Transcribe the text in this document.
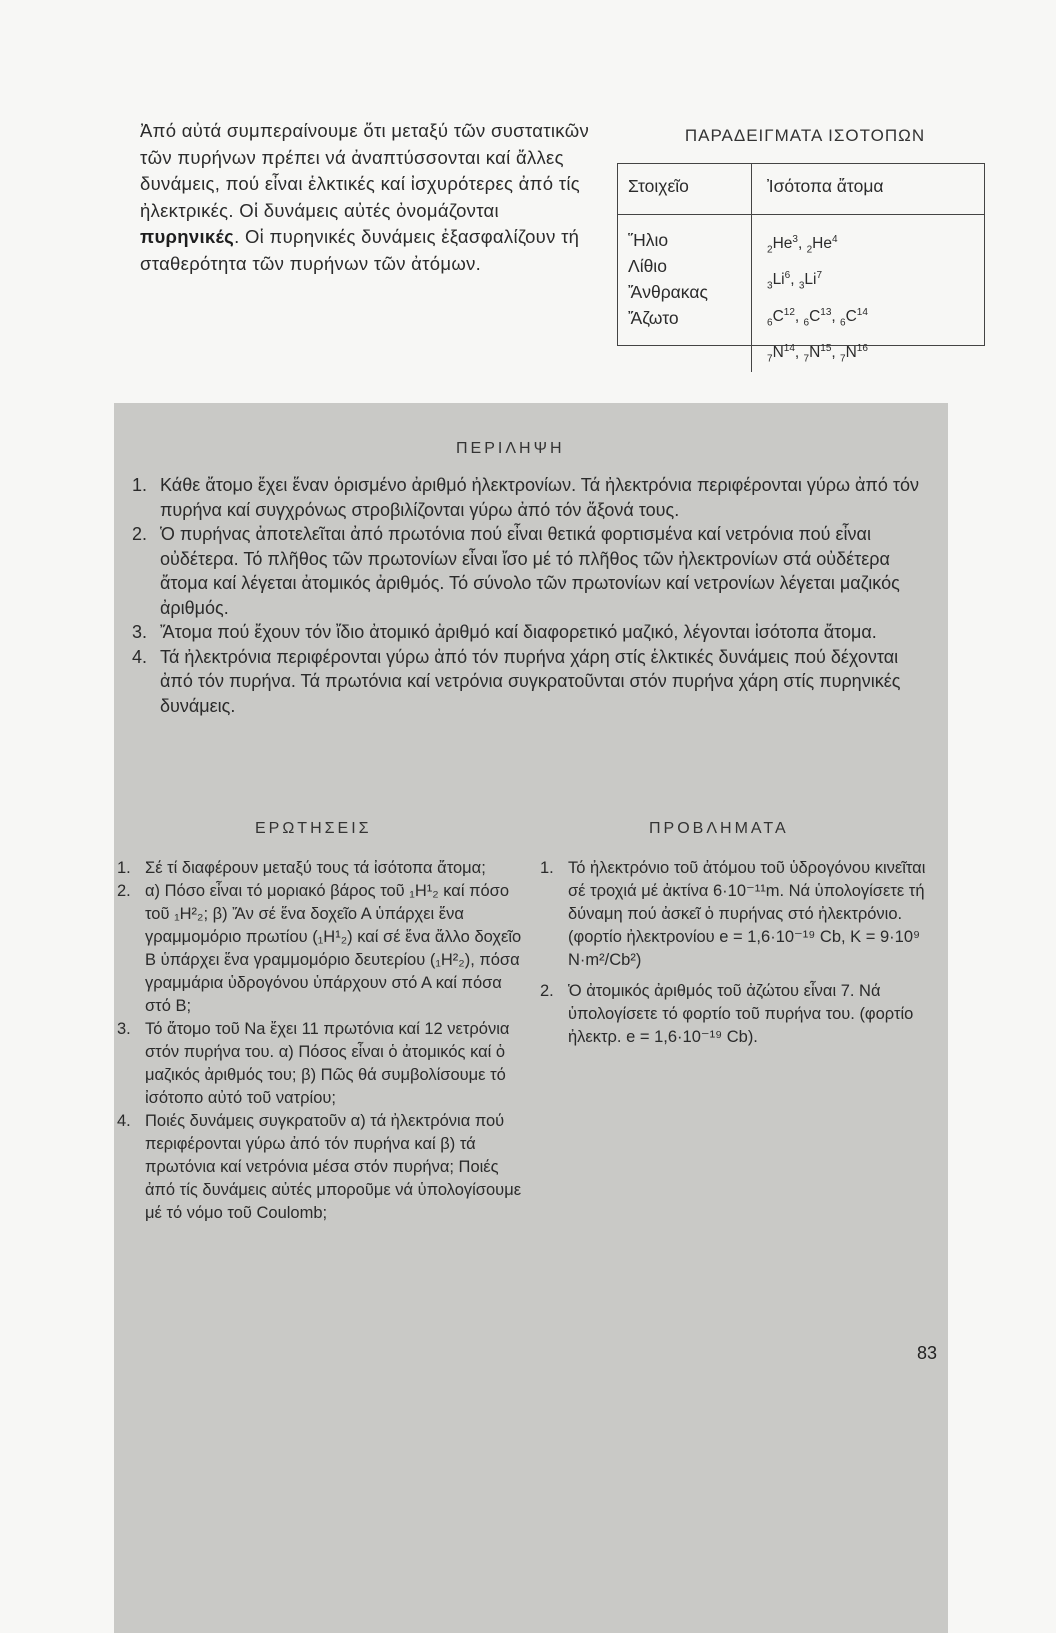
Ἀπό αὐτά συμπεραίνουμε ὅτι μεταξύ τῶν συστατικῶν τῶν πυρήνων πρέπει νά ἀναπτύσσονται καί ἄλλες δυνάμεις, πού εἶναι ἑλκτικές καί ἰσχυρότερες ἀπό τίς ἠλεκτρικές. Οἱ δυνάμεις αὐτές ὀνομάζονται πυρηνικές. Οἱ πυρηνικές δυνάμεις ἐξασφαλίζουν τή σταθερότητα τῶν πυρήνων τῶν ἀτόμων.
ΠΑΡΑΔΕΙΓΜΑΤΑ ΙΣΟΤΟΠΩΝ
Στοιχεῖο	Ἰσότοπα ἄτομα
Ἥλιο
Λίθιο
Ἄνθρακας
Ἄζωτο
$_2He^3$, $_2He^4$
$_3Li^6$, $_3Li^7$
$_6C^{12}$, $_6C^{13}$, $_6C^{14}$
$_7N^{14}$, $_7N^{15}$, $_7N^{16}$
ΠΕΡΙΛΗΨΗ
1. Κάθε ἄτομο ἔχει ἕναν ὁρισμένο ἀριθμό ἠλεκτρονίων. Τά ἠλεκτρόνια περιφέρονται γύρω ἀπό τόν πυρήνα καί συγχρόνως στροβιλίζονται γύρω ἀπό τόν ἄξονά τους.
2. Ὁ πυρήνας ἀποτελεῖται ἀπό πρωτόνια πού εἶναι θετικά φορτισμένα καί νετρόνια πού εἶναι οὐδέτερα. Τό πλῆθος τῶν πρωτονίων εἶναι ἴσο μέ τό πλῆθος τῶν ἠλεκτρονίων στά οὐδέτερα ἄτομα καί λέγεται ἀτομικός ἀριθμός. Τό σύνολο τῶν πρωτονίων καί νετρονίων λέγεται μαζικός ἀριθμός.
3. Ἄτομα πού ἔχουν τόν ἴδιο ἀτομικό ἀριθμό καί διαφορετικό μαζικό, λέγονται ἰσότοπα ἄτομα.
4. Τά ἠλεκτρόνια περιφέρονται γύρω ἀπό τόν πυρήνα χάρη στίς ἑλκτικές δυνάμεις πού δέχονται ἀπό τόν πυρήνα. Τά πρωτόνια καί νετρόνια συγκρατοῦνται στόν πυρήνα χάρη στίς πυρηνικές δυνάμεις.
ΕΡΩΤΗΣΕΙΣ	ΠΡΟΒΛΗΜΑΤΑ
1. Σέ τί διαφέρουν μεταξύ τους τά ἰσότοπα ἄτομα;
2. α) Πόσο εἶναι τό μοριακό βάρος τοῦ ₁H¹₂ καί πόσο τοῦ ₁H²₂; β) Ἄν σέ ἕνα δοχεῖο Α ὑπάρχει ἕνα γραμμομόριο πρωτίου (₁H¹₂) καί σέ ἕνα ἄλλο δοχεῖο Β ὑπάρχει ἕνα γραμμομόριο δευτερίου (₁H²₂), πόσα γραμμάρια ὑδρογόνου ὑπάρχουν στό Α καί πόσα στό Β;
3. Τό ἄτομο τοῦ Na ἔχει 11 πρωτόνια καί 12 νετρόνια στόν πυρήνα του. α) Πόσος εἶναι ὁ ἀτομικός καί ὁ μαζικός ἀριθμός του; β) Πῶς θά συμβολίσουμε τό ἰσότοπο αὐτό τοῦ νατρίου;
4. Ποιές δυνάμεις συγκρατοῦν α) τά ἠλεκτρόνια πού περιφέρονται γύρω ἀπό τόν πυρήνα καί β) τά πρωτόνια καί νετρόνια μέσα στόν πυρήνα; Ποιές ἀπό τίς δυνάμεις αὐτές μποροῦμε νά ὑπολογίσουμε μέ τό νόμο τοῦ Coulomb;
1. Τό ἠλεκτρόνιο τοῦ ἀτόμου τοῦ ὑδρογόνου κινεῖται σέ τροχιά μέ ἀκτίνα 6·10⁻¹¹m. Νά ὑπολογίσετε τή δύναμη πού ἀσκεῖ ὁ πυρήνας στό ἠλεκτρόνιο. (φορτίο ἠλεκτρονίου e = 1,6·10⁻¹⁹ Cb, K = 9·10⁹ N·m²/Cb²)
2. Ὁ ἀτομικός ἀριθμός τοῦ ἀζώτου εἶναι 7. Νά ὑπολογίσετε τό φορτίο τοῦ πυρήνα του. (φορτίο ἠλεκτρ. e = 1,6·10⁻¹⁹ Cb).
83
